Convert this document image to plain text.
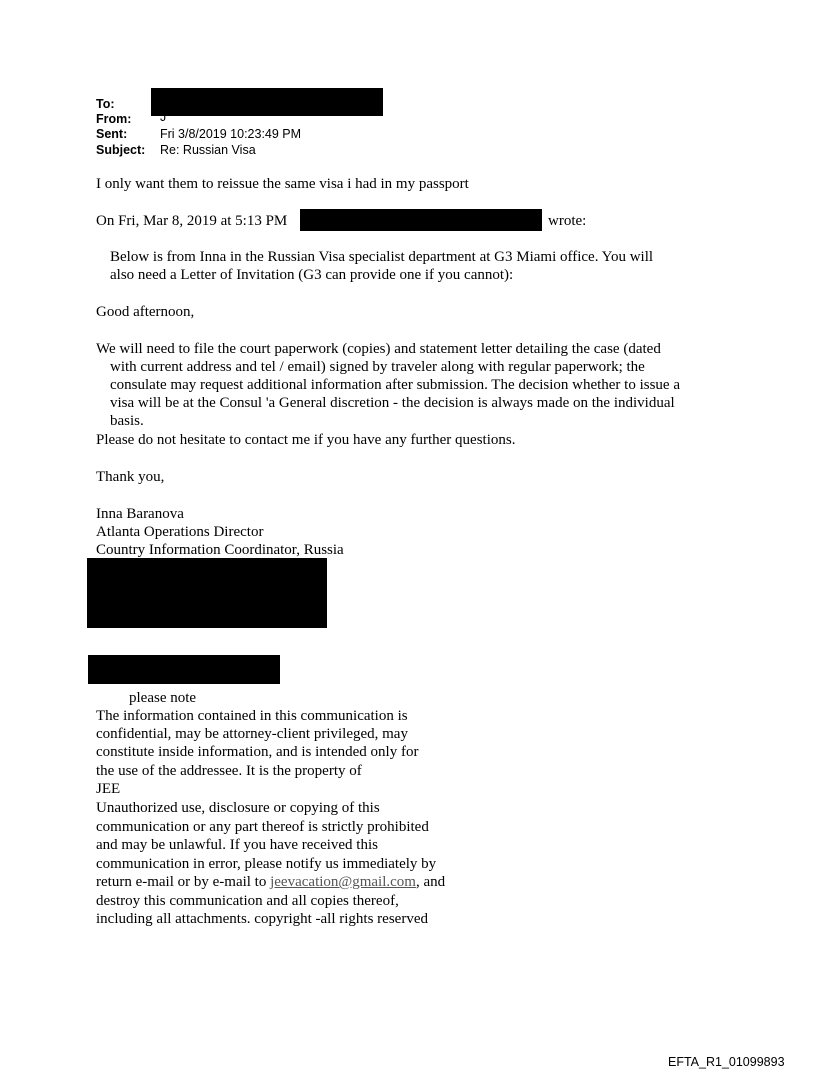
To:
From: J
Sent:	Fri 3/8/2019 10:23:49 PM
Subject: Re: Russian Visa
I only want them to reissue the same visa i had in my passport
On Fri, Mar 8, 2019 at 5:13 PM	wrote:
Below is from Inna in the Russian Visa specialist department at G3 Miami office. You will
also need a Letter of Invitation (G3 can provide one if you cannot):
Good afternoon,
We will need to file the court paperwork (copies) and statement letter detailing the case (dated
with current address and tel / email) signed by traveler along with regular paperwork; the
consulate may request additional information after submission. The decision whether to issue a
visa will be at the Consul 'a General discretion - the decision is always made on the individual
basis.
Please do not hesitate to contact me if you have any further questions.
Thank you,
Inna Baranova
Atlanta Operations Director
Country Information Coordinator, Russia
please note
The information contained in this communication is
confidential, may be attorney-client privileged, may
constitute inside information, and is intended only for
the use of the addressee. It is the property of
JEE
Unauthorized use, disclosure or copying of this
communication or any part thereof is strictly prohibited
and may be unlawful. If you have received this
communication in error, please notify us immediately by
return e-mail or by e-mail to jeevacation@gmail.com, and
destroy this communication and all copies thereof,
including all attachments. copyright -all rights reserved
EFTA_R1_01099893
